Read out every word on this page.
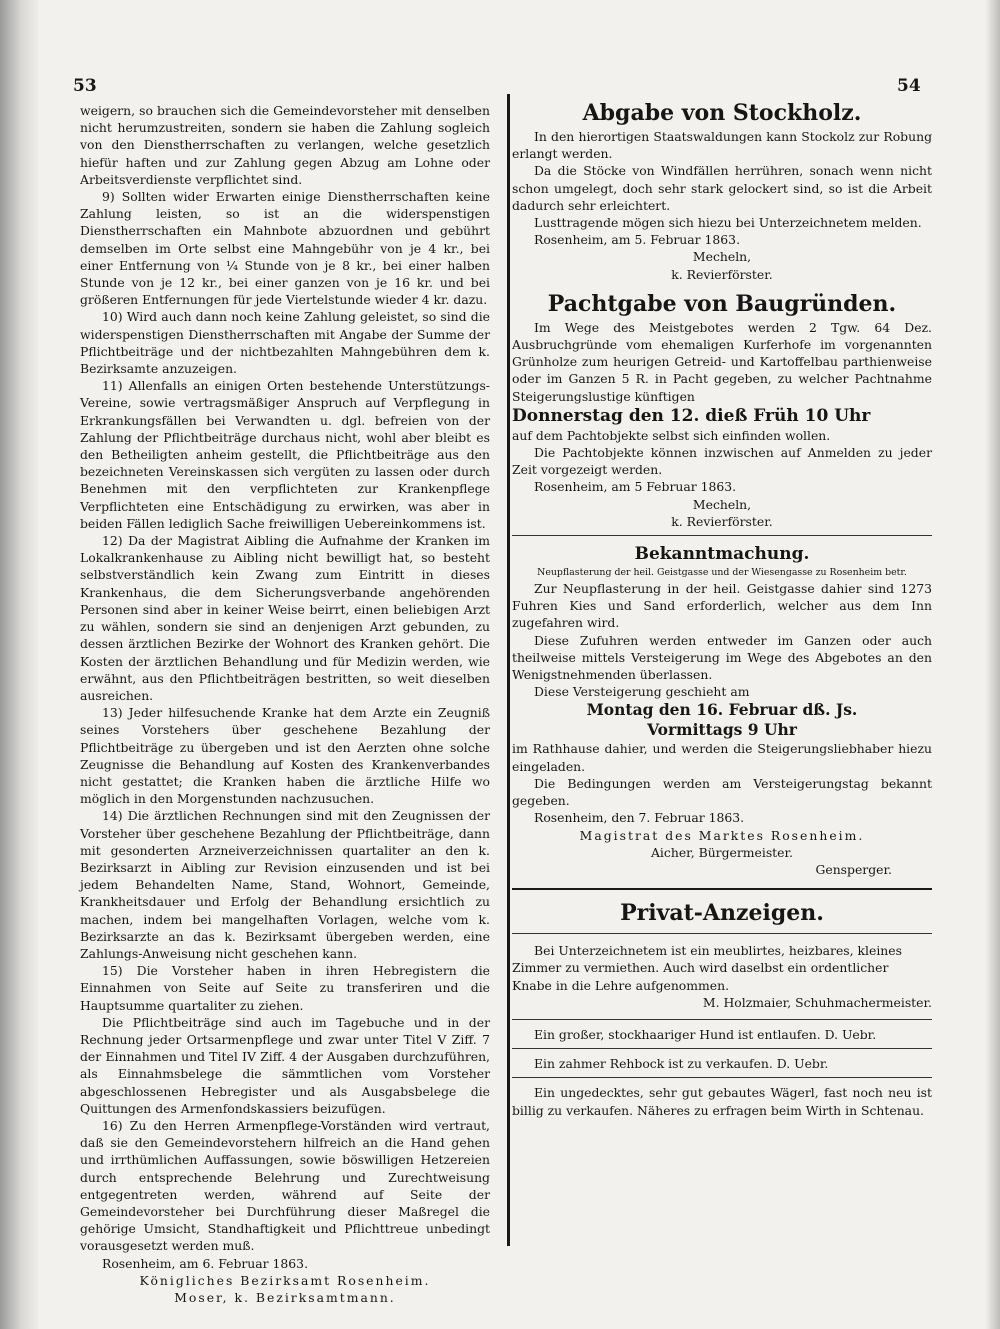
53	54

weigern, so brauchen sich die Gemeindevorsteher mit denselben nicht herumzustreiten, sondern sie haben die Zahlung sogleich von den Dienstherrschaften zu verlangen, welche gesetzlich hiefür haften und zur Zahlung gegen Abzug am Lohne oder Arbeitsverdienste verpflichtet sind.

9) Sollten wider Erwarten einige Dienstherrschaften keine Zahlung leisten, so ist an die widerspenstigen Dienstherrschaften ein Mahnbote abzuordnen und gebührt demselben im Orte selbst eine Mahngebühr von je 4 kr., bei einer Entfernung von ¼ Stunde von je 8 kr., bei einer halben Stunde von je 12 kr., bei einer ganzen von je 16 kr. und bei größeren Entfernungen für jede Viertelstunde wieder 4 kr. dazu.

10) Wird auch dann noch keine Zahlung geleistet, so sind die widerspenstigen Dienstherrschaften mit Angabe der Summe der Pflichtbeiträge und der nichtbezahlten Mahngebühren dem k. Bezirksamte anzuzeigen.

11) Allenfalls an einigen Orten bestehende Unterstützungs-Vereine, sowie vertragsmäßiger Anspruch auf Verpflegung in Erkrankungsfällen bei Verwandten u. dgl. befreien von der Zahlung der Pflichtbeiträge durchaus nicht, wohl aber bleibt es den Betheiligten anheim gestellt, die Pflichtbeiträge aus den bezeichneten Vereinskassen sich vergüten zu lassen oder durch Benehmen mit den verpflichteten zur Krankenpflege Verpflichteten eine Entschädigung zu erwirken, was aber in beiden Fällen lediglich Sache freiwilligen Uebereinkommens ist.

12) Da der Magistrat Aibling die Aufnahme der Kranken im Lokalkrankenhause zu Aibling nicht bewilligt hat, so besteht selbstverständlich kein Zwang zum Eintritt in dieses Krankenhaus, die dem Sicherungsverbande angehörenden Personen sind aber in keiner Weise beirrt, einen beliebigen Arzt zu wählen, sondern sie sind an denjenigen Arzt gebunden, zu dessen ärztlichen Bezirke der Wohnort des Kranken gehört. Die Kosten der ärztlichen Behandlung und für Medizin werden, wie erwähnt, aus den Pflichtbeiträgen bestritten, so weit dieselben ausreichen.

13) Jeder hilfesuchende Kranke hat dem Arzte ein Zeugniß seines Vorstehers über geschehene Bezahlung der Pflichtbeiträge zu übergeben und ist den Aerzten ohne solche Zeugnisse die Behandlung auf Kosten des Krankenverbandes nicht gestattet; die Kranken haben die ärztliche Hilfe wo möglich in den Morgenstunden nachzusuchen.

14) Die ärztlichen Rechnungen sind mit den Zeugnissen der Vorsteher über geschehene Bezahlung der Pflichtbeiträge, dann mit gesonderten Arzneiverzeichnissen quartaliter an den k. Bezirksarzt in Aibling zur Revision einzusenden und ist bei jedem Behandelten Name, Stand, Wohnort, Gemeinde, Krankheitsdauer und Erfolg der Behandlung ersichtlich zu machen, indem bei mangelhaften Vorlagen, welche vom k. Bezirksarzte an das k. Bezirksamt übergeben werden, eine Zahlungs-Anweisung nicht geschehen kann.

15) Die Vorsteher haben in ihren Hebregistern die Einnahmen von Seite auf Seite zu transferiren und die Hauptsumme quartaliter zu ziehen.

Die Pflichtbeiträge sind auch im Tagebuche und in der Rechnung jeder Ortsarmenpflege und zwar unter Titel V Ziff. 7 der Einnahmen und Titel IV Ziff. 4 der Ausgaben durchzuführen, als Einnahmsbelege die sämmtlichen vom Vorsteher abgeschlossenen Hebregister und als Ausgabsbelege die Quittungen des Armenfondskassiers beizufügen.

16) Zu den Herren Armenpflege-Vorständen wird vertraut, daß sie den Gemeindevorstehern hilfreich an die Hand gehen und irrthümlichen Auffassungen, sowie böswilligen Hetzereien durch entsprechende Belehrung und Zurechtweisung entgegentreten werden, während auf Seite der Gemeindevorsteher bei Durchführung dieser Maßregel die gehörige Umsicht, Standhaftigkeit und Pflichttreue unbedingt vorausgesetzt werden muß.

Rosenheim, am 6. Februar 1863.

Königliches Bezirksamt Rosenheim.

Moser, k. Bezirksamtmann.

Abgabe von Stockholz.

In den hierortigen Staatswaldungen kann Stockolz zur Robung erlangt werden.

Da die Stöcke von Windfällen herrühren, sonach wenn nicht schon umgelegt, doch sehr stark gelockert sind, so ist die Arbeit dadurch sehr erleichtert.

Lusttragende mögen sich hiezu bei Unterzeichnetem melden.

Rosenheim, am 5. Februar 1863.

Mecheln,

k. Revierförster.

Pachtgabe von Baugründen.

Im Wege des Meistgebotes werden 2 Tgw. 64 Dez. Ausbruchgründe vom ehemaligen Kurferhofe im vorgenannten Grünholze zum heurigen Getreid- und Kartoffelbau parthienweise oder im Ganzen 5 R. in Pacht gegeben, zu welcher Pachtnahme Steigerungslustige künftigen

Donnerstag den 12. dieß Früh 10 Uhr

auf dem Pachtobjekte selbst sich einfinden wollen.

Die Pachtobjekte können inzwischen auf Anmelden zu jeder Zeit vorgezeigt werden.

Rosenheim, am 5 Februar 1863.

Mecheln,

k. Revierförster.

Bekanntmachung.

Neupflasterung der heil. Geistgasse und der Wiesengasse zu Rosenheim betr.

Zur Neupflasterung in der heil. Geistgasse dahier sind 1273 Fuhren Kies und Sand erforderlich, welcher aus dem Inn zugefahren wird.

Diese Zufuhren werden entweder im Ganzen oder auch theilweise mittels Versteigerung im Wege des Abgebotes an den Wenigstnehmenden überlassen.

Diese Versteigerung geschieht am

Montag den 16. Februar dß. Js.

Vormittags 9 Uhr

im Rathhause dahier, und werden die Steigerungsliebhaber hiezu eingeladen.

Die Bedingungen werden am Versteigerungstag bekannt gegeben.

Rosenheim, den 7. Februar 1863.

Magistrat des Marktes Rosenheim.

Aicher, Bürgermeister.

Gensperger.

Privat-Anzeigen.

Bei Unterzeichnetem ist ein meublirtes, heizbares, kleines

Zimmer zu vermiethen. Auch wird daselbst ein ordentlicher

Knabe in die Lehre aufgenommen.

M. Holzmaier, Schuhmachermeister.

Ein großer, stockhaariger Hund ist entlaufen. D. Uebr.

Ein zahmer Rehbock ist zu verkaufen. D. Uebr.

Ein ungedecktes, sehr gut gebautes Wägerl, fast noch neu ist billig zu verkaufen. Näheres zu erfragen beim Wirth in Schtenau.
